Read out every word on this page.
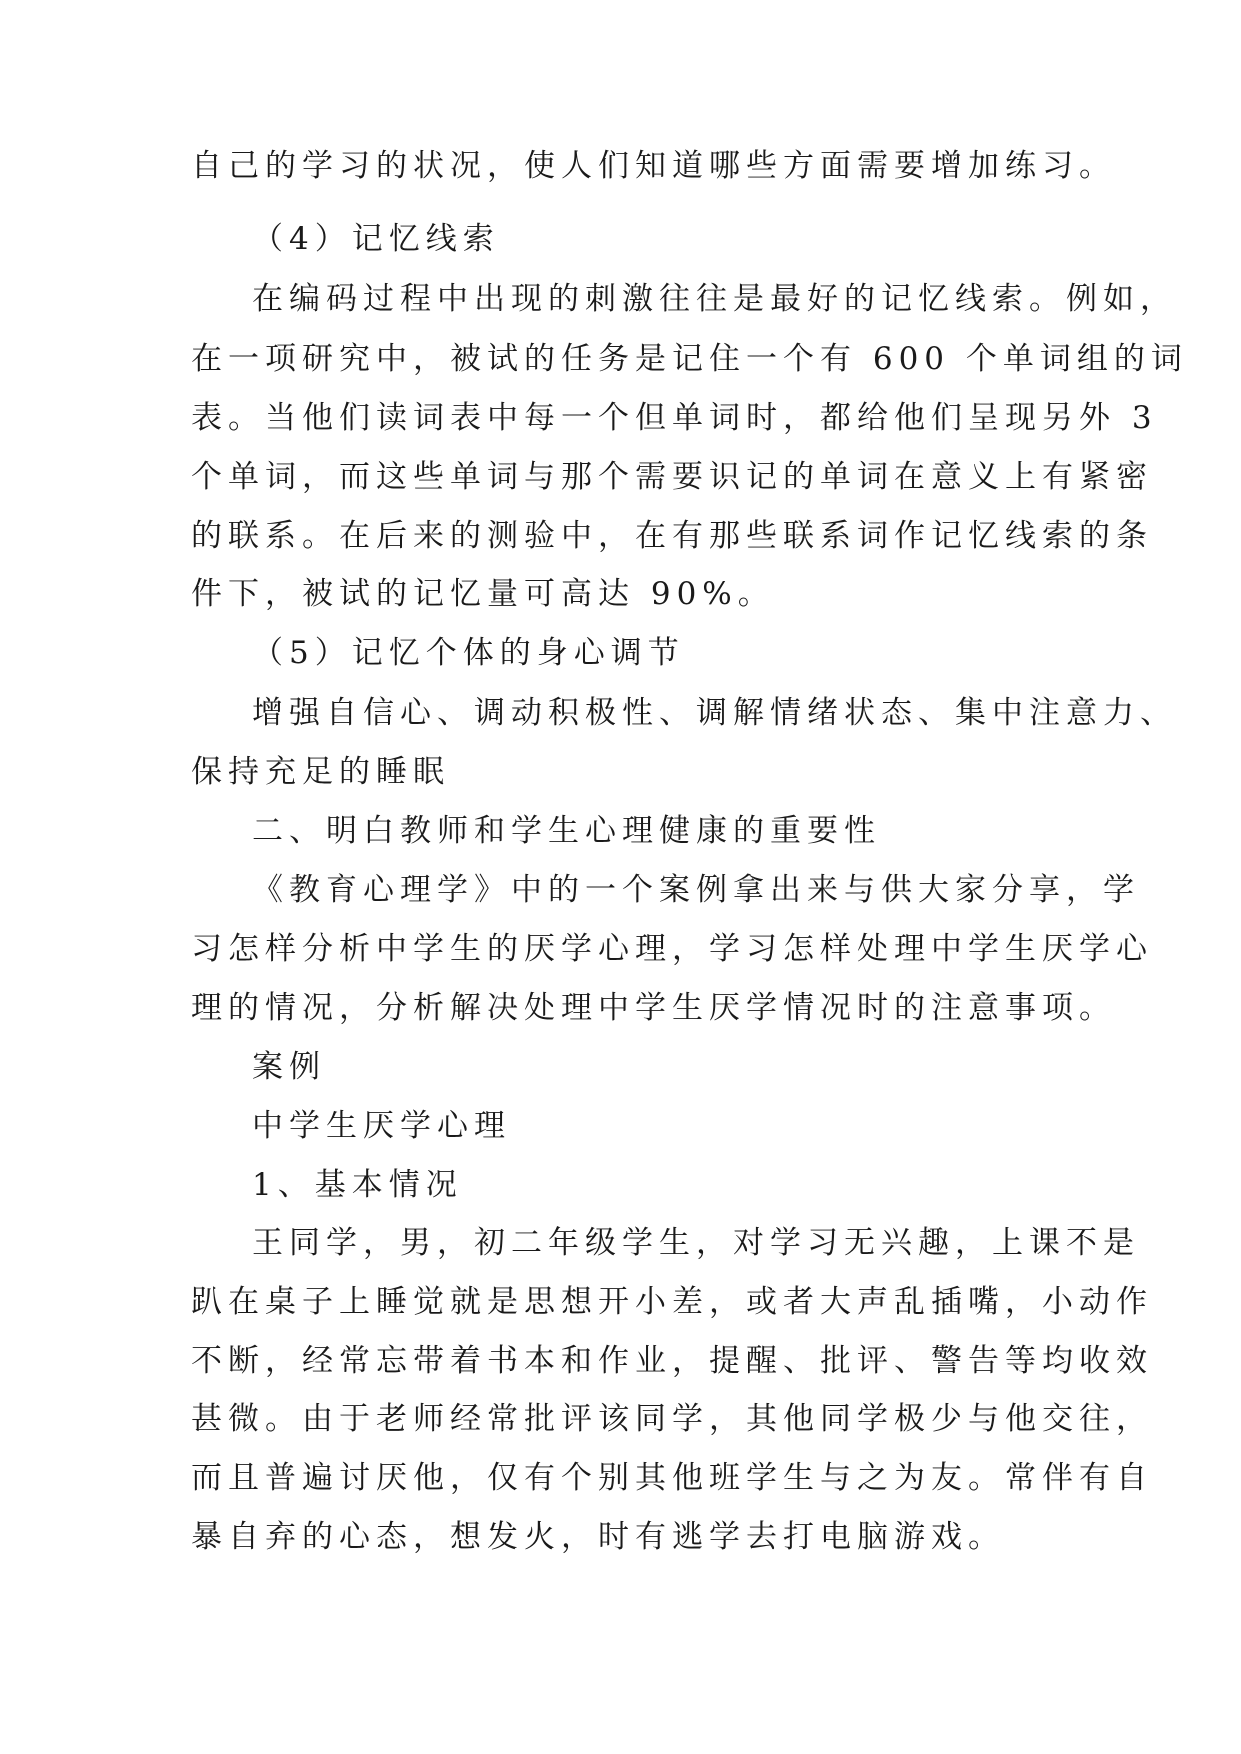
自己的学习的状况，使人们知道哪些方面需要增加练习。
（4）记忆线索
在编码过程中出现的刺激往往是最好的记忆线索。例如，
在一项研究中，被试的任务是记住一个有 600 个单词组的词
表。当他们读词表中每一个但单词时，都给他们呈现另外 3
个单词，而这些单词与那个需要识记的单词在意义上有紧密
的联系。在后来的测验中，在有那些联系词作记忆线索的条
件下，被试的记忆量可高达 90%。
（5）记忆个体的身心调节
增强自信心、调动积极性、调解情绪状态、集中注意力、
保持充足的睡眠
二、明白教师和学生心理健康的重要性
《教育心理学》中的一个案例拿出来与供大家分享，学
习怎样分析中学生的厌学心理，学习怎样处理中学生厌学心
理的情况，分析解决处理中学生厌学情况时的注意事项。
案例
中学生厌学心理
1、基本情况
王同学，男，初二年级学生，对学习无兴趣，上课不是
趴在桌子上睡觉就是思想开小差，或者大声乱插嘴，小动作
不断，经常忘带着书本和作业，提醒、批评、警告等均收效
甚微。由于老师经常批评该同学，其他同学极少与他交往，
而且普遍讨厌他，仅有个别其他班学生与之为友。常伴有自
暴自弃的心态，想发火，时有逃学去打电脑游戏。
